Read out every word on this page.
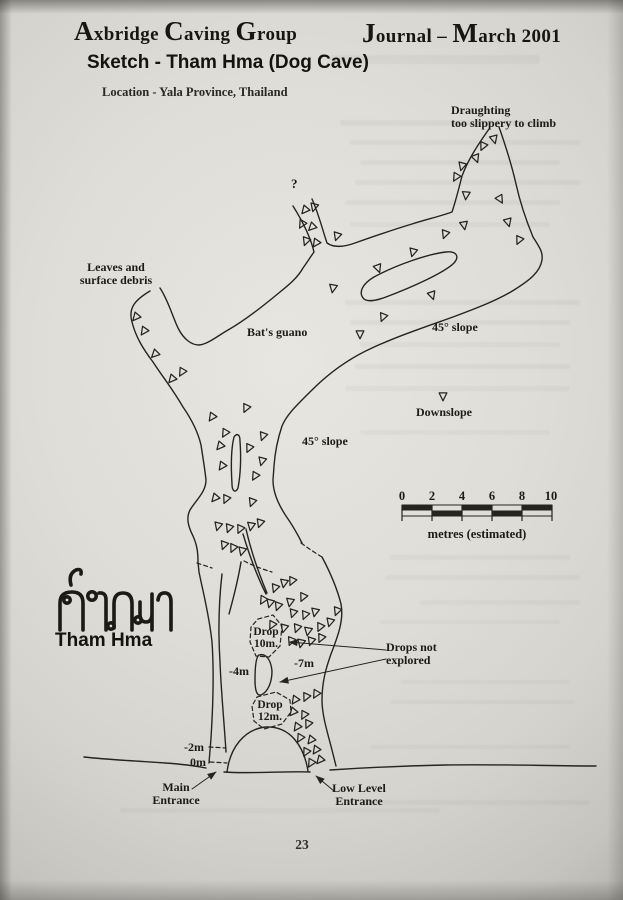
Axbridge Caving Group Journal – March 2001
Sketch - Tham Hma (Dog Cave)
Location - Yala Province, Thailand
0 2 4 6 8 10
metres (estimated)
Draughting
too slippery to climb
?
Leaves and
surface debris
Bat's guano	45° slope
45° slope
Downslope
Drop
10m.
Drop
12m.
-4m
-7m
Drops not
explored
-2m
0m
Main
Entrance
Low Level
Entrance
Tham Hma
23
